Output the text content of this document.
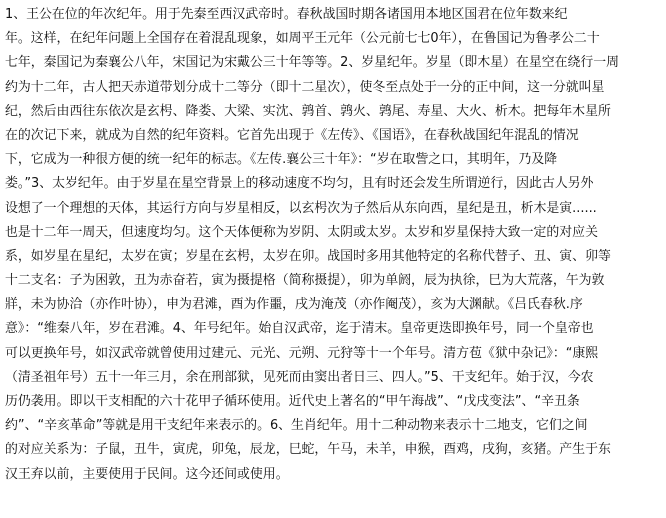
1、王公在位的年次纪年。用于先秦至西汉武帝时。春秋战国时期各诸国用本地区国君在位年数来纪
年。这样，在纪年问题上全国存在着混乱现象，如周平王元年（公元前七七0年），在鲁国记为鲁孝公二十
七年，秦国记为秦襄公八年，宋国记为宋戴公三十年等等。2、岁星纪年。岁星（即木星）在星空在绕行一周
约为十二年，古人把天赤道带划分成十二等分（即十二星次），使冬至点处于一分的正中间，这一分就叫星
纪，然后由西往东依次是玄枵、降娄、大梁、实沈、鹑首、鹑火、鹑尾、寿星、大火、析木。把每年木星所
在的次记下来，就成为自然的纪年资料。它首先出现于《左传》、《国语》，在春秋战国纪年混乱的情况
下，它成为一种很方便的统一纪年的标志。《左传.襄公三十年》：“岁在取訾之口，其明年，乃及降
娄。”3、太岁纪年。由于岁星在星空背景上的移动速度不均匀，且有时还会发生所谓逆行，因此古人另外
设想了一个理想的天体，其运行方向与岁星相反，以玄枵次为子然后从东向西，星纪是丑，析木是寅......
也是十二年一周天，但速度均匀。这个天体便称为岁阴、太阴或太岁。太岁和岁星保持大致一定的对应关
系，如岁星在星纪，太岁在寅；岁星在玄枵，太岁在卯。战国时多用其他特定的名称代替子、丑、寅、卯等
十二支名：子为困敦，丑为赤奋若，寅为摄提格（简称摄提），卯为单阏，辰为执徐，巳为大荒落，午为敦
牂，未为协洽（亦作叶协），申为君滩，酉为作噩，戌为淹茂（亦作阉茂），亥为大渊献。《吕氏春秋.序
意》：“维秦八年，岁在君滩。4、年号纪年。始自汉武帝，迄于清末。皇帝更迭即换年号，同一个皇帝也
可以更换年号，如汉武帝就曾使用过建元、元光、元朔、元狩等十一个年号。清方苞《狱中杂记》：“康熙
（清圣祖年号）五十一年三月，余在刑部狱，见死而由窦出者日三、四人。”5、干支纪年。始于汉，今农
历仍袭用。即以干支相配的六十花甲子循环使用。近代史上著名的“甲午海战”、“戊戌变法”、“辛丑条
约”、“辛亥革命”等就是用干支纪年来表示的。6、生肖纪年。用十二种动物来表示十二地支，它们之间
的对应关系为：子鼠，丑牛，寅虎，卯兔，辰龙，巳蛇，午马，未羊，申猴，酉鸡，戌狗，亥猪。产生于东
汉王弃以前，主要使用于民间。这今还间或使用。
